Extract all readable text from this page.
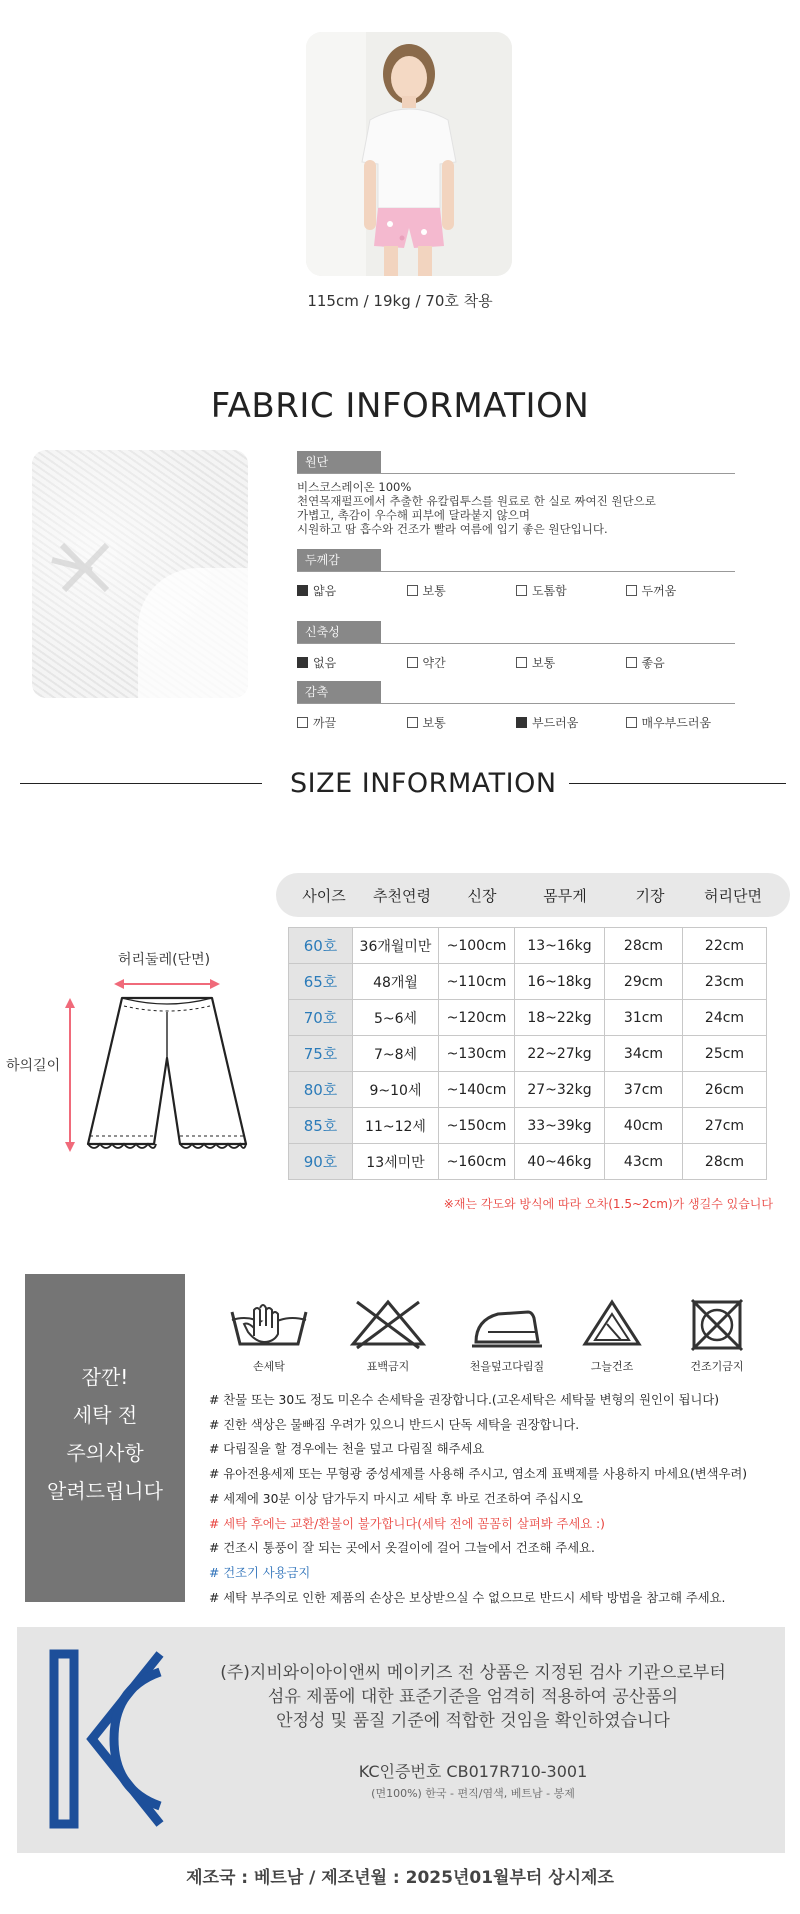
115cm / 19kg / 70호 착용
FABRIC INFORMATION
원단
비스코스레이온 100%
천연목재펄프에서 추출한 유칼립투스를 원료로 한 실로 짜여진 원단으로
가볍고, 촉감이 우수해 피부에 달라붙지 않으며
시원하고 땀 흡수와 건조가 빨라 여름에 입기 좋은 원단입니다.
두께감
얇음	보통	도톰함	두꺼움
신축성
없음	약간	보통	좋음
감촉
까끌	보통	부드러움	매우부드러움
SIZE INFORMATION
사이즈	추천연령	신장	몸무게	기장	허리단면
60호	36개월미만	~100cm	13~16kg	28cm	22cm
65호	48개월	~110cm	16~18kg	29cm	23cm
70호	5~6세	~120cm	18~22kg	31cm	24cm
75호	7~8세	~130cm	22~27kg	34cm	25cm
80호	9~10세	~140cm	27~32kg	37cm	26cm
85호	11~12세	~150cm	33~39kg	40cm	27cm
90호	13세미만	~160cm	40~46kg	43cm	28cm
허리둘레(단면)
하의길이
※재는 각도와 방식에 따라 오차(1.5~2cm)가 생길수 있습니다
잠깐!
세탁 전
주의사항
알려드립니다
손세탁	표백금지	천을덮고다림질	그늘건조	건조기금지
# 찬물 또는 30도 정도 미온수 손세탁을 권장합니다.(고온세탁은 세탁물 변형의 원인이 됩니다)
# 진한 색상은 물빠짐 우려가 있으니 반드시 단독 세탁을 권장합니다.
# 다림질을 할 경우에는 천을 덮고 다림질 해주세요
# 유아전용세제 또는 무형광 중성세제를 사용해 주시고, 염소계 표백제를 사용하지 마세요(변색우려)
# 세제에 30분 이상 담가두지 마시고 세탁 후 바로 건조하여 주십시오
# 세탁 후에는 교환/환불이 불가합니다(세탁 전에 꼼꼼히 살펴봐 주세요 :)
# 건조시 통풍이 잘 되는 곳에서 옷걸이에 걸어 그늘에서 건조해 주세요.
# 건조기 사용금지
# 세탁 부주의로 인한 제품의 손상은 보상받으실 수 없으므로 반드시 세탁 방법을 참고해 주세요.
(주)지비와이아이앤씨 메이키즈 전 상품은 지정된 검사 기관으로부터
섬유 제품에 대한 표준기준을 엄격히 적용하여 공산품의
안정성 및 품질 기준에 적합한 것임을 확인하였습니다
KC인증번호 CB017R710-3001
(면100%) 한국 - 편직/염색, 베트남 - 봉제
제조국 : 베트남 / 제조년월 : 2025년01월부터 상시제조
